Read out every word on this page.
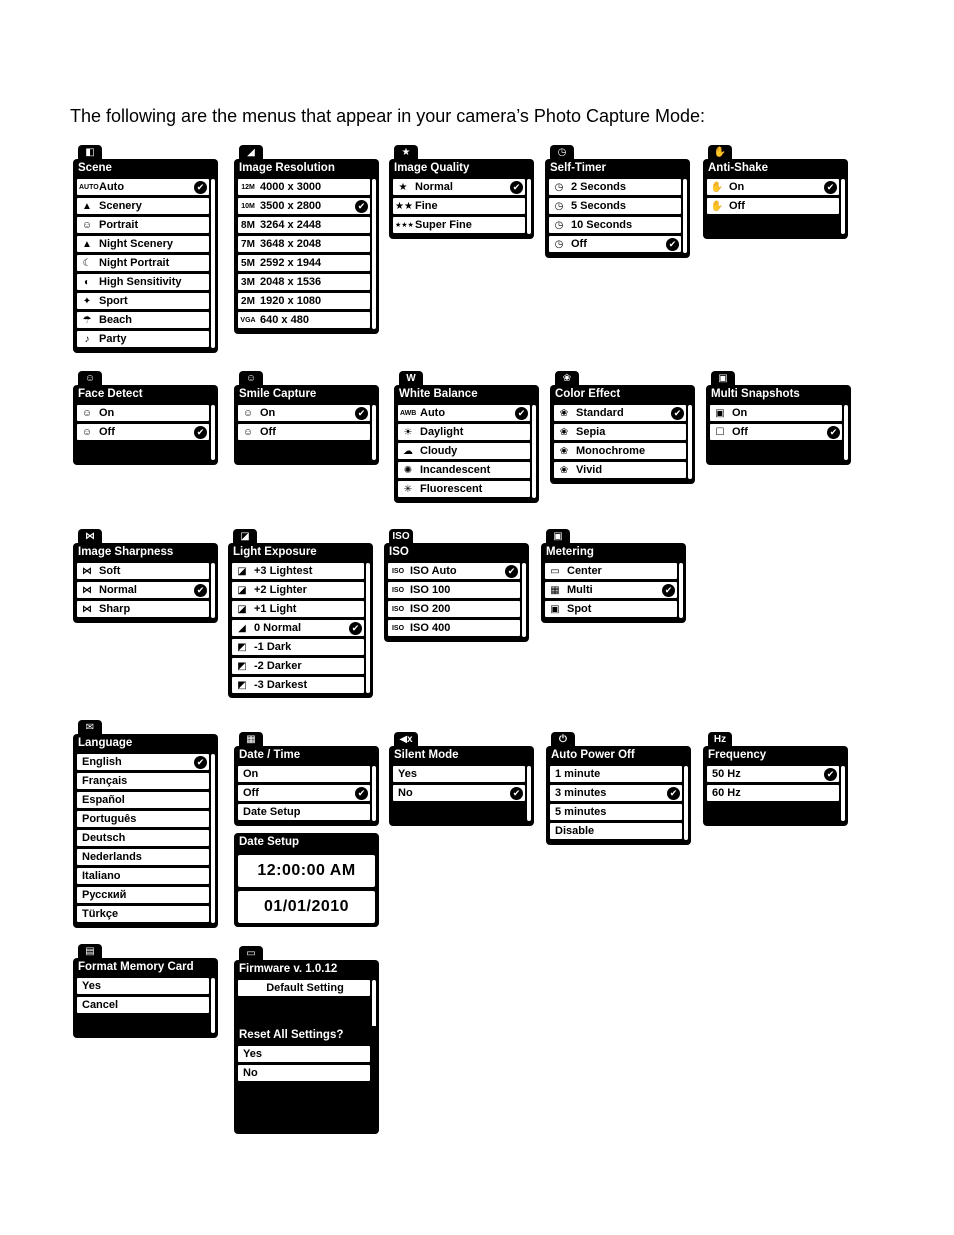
The following are the menus that appear in your camera’s Photo Capture Mode:
◧
Scene
AUTO Auto	✔
▲ Scenery
☺ Portrait
▲ Night Scenery
☾ Night Portrait
◐ High Sensitivity
✦ Sport
☂ Beach
♪ Party
◢
Image Resolution
12M 4000 x 3000
10M 3500 x 2800	✔
8M 3264 x 2448
7M 3648 x 2048
5M 2592 x 1944
3M 2048 x 1536
2M 1920 x 1080
VGA 640 x 480
★
Image Quality
★ Normal	✔
★★ Fine
★★★ Super Fine
◷
Self-Timer
◷ 2 Seconds
◷ 5 Seconds
◷ 10 Seconds
◷ Off	✔
✋
Anti-Shake
✋ On	✔
✋ Off
☺
Face Detect
☺ On
☺ Off	✔
☺
Smile Capture
☺ On	✔
☺ Off
W
White Balance
AWB Auto	✔
☀ Daylight
☁ Cloudy
✺ Incandescent
✳ Fluorescent
❀
Color Effect
❀ Standard	✔
❀ Sepia
❀ Monochrome
❀ Vivid
▣
Multi Snapshots
▣ On
☐ Off	✔
⋈
Image Sharpness
⋈ Soft
⋈ Normal	✔
⋈ Sharp
◪
Light Exposure
◪ +3 Lightest
◪ +2 Lighter
◪ +1 Light
◢ 0 Normal	✔
◩ -1 Dark
◩ -2 Darker
◩ -3 Darkest
ISO
ISO
ISO ISO Auto	✔
ISO ISO 100
ISO ISO 200
ISO ISO 400
▣
Metering
▭ Center
▦ Multi	✔
▣ Spot
✉
Language
English	✔
Français
Español
Português
Deutsch
Nederlands
Italiano
Русский
Türkçe
▦
Date / Time
On
Off	✔
Date Setup
◀x
Silent Mode
Yes
No	✔
⏻
Auto Power Off
1 minute
3 minutes	✔
5 minutes
Disable
Hz
Frequency
50 Hz	✔
60 Hz
▤
Format Memory Card
Yes
Cancel
▭
Firmware v. 1.0.12
Default Setting
Reset All Settings?
Yes
No
Date Setup
12:00:00 AM
01/01/2010
